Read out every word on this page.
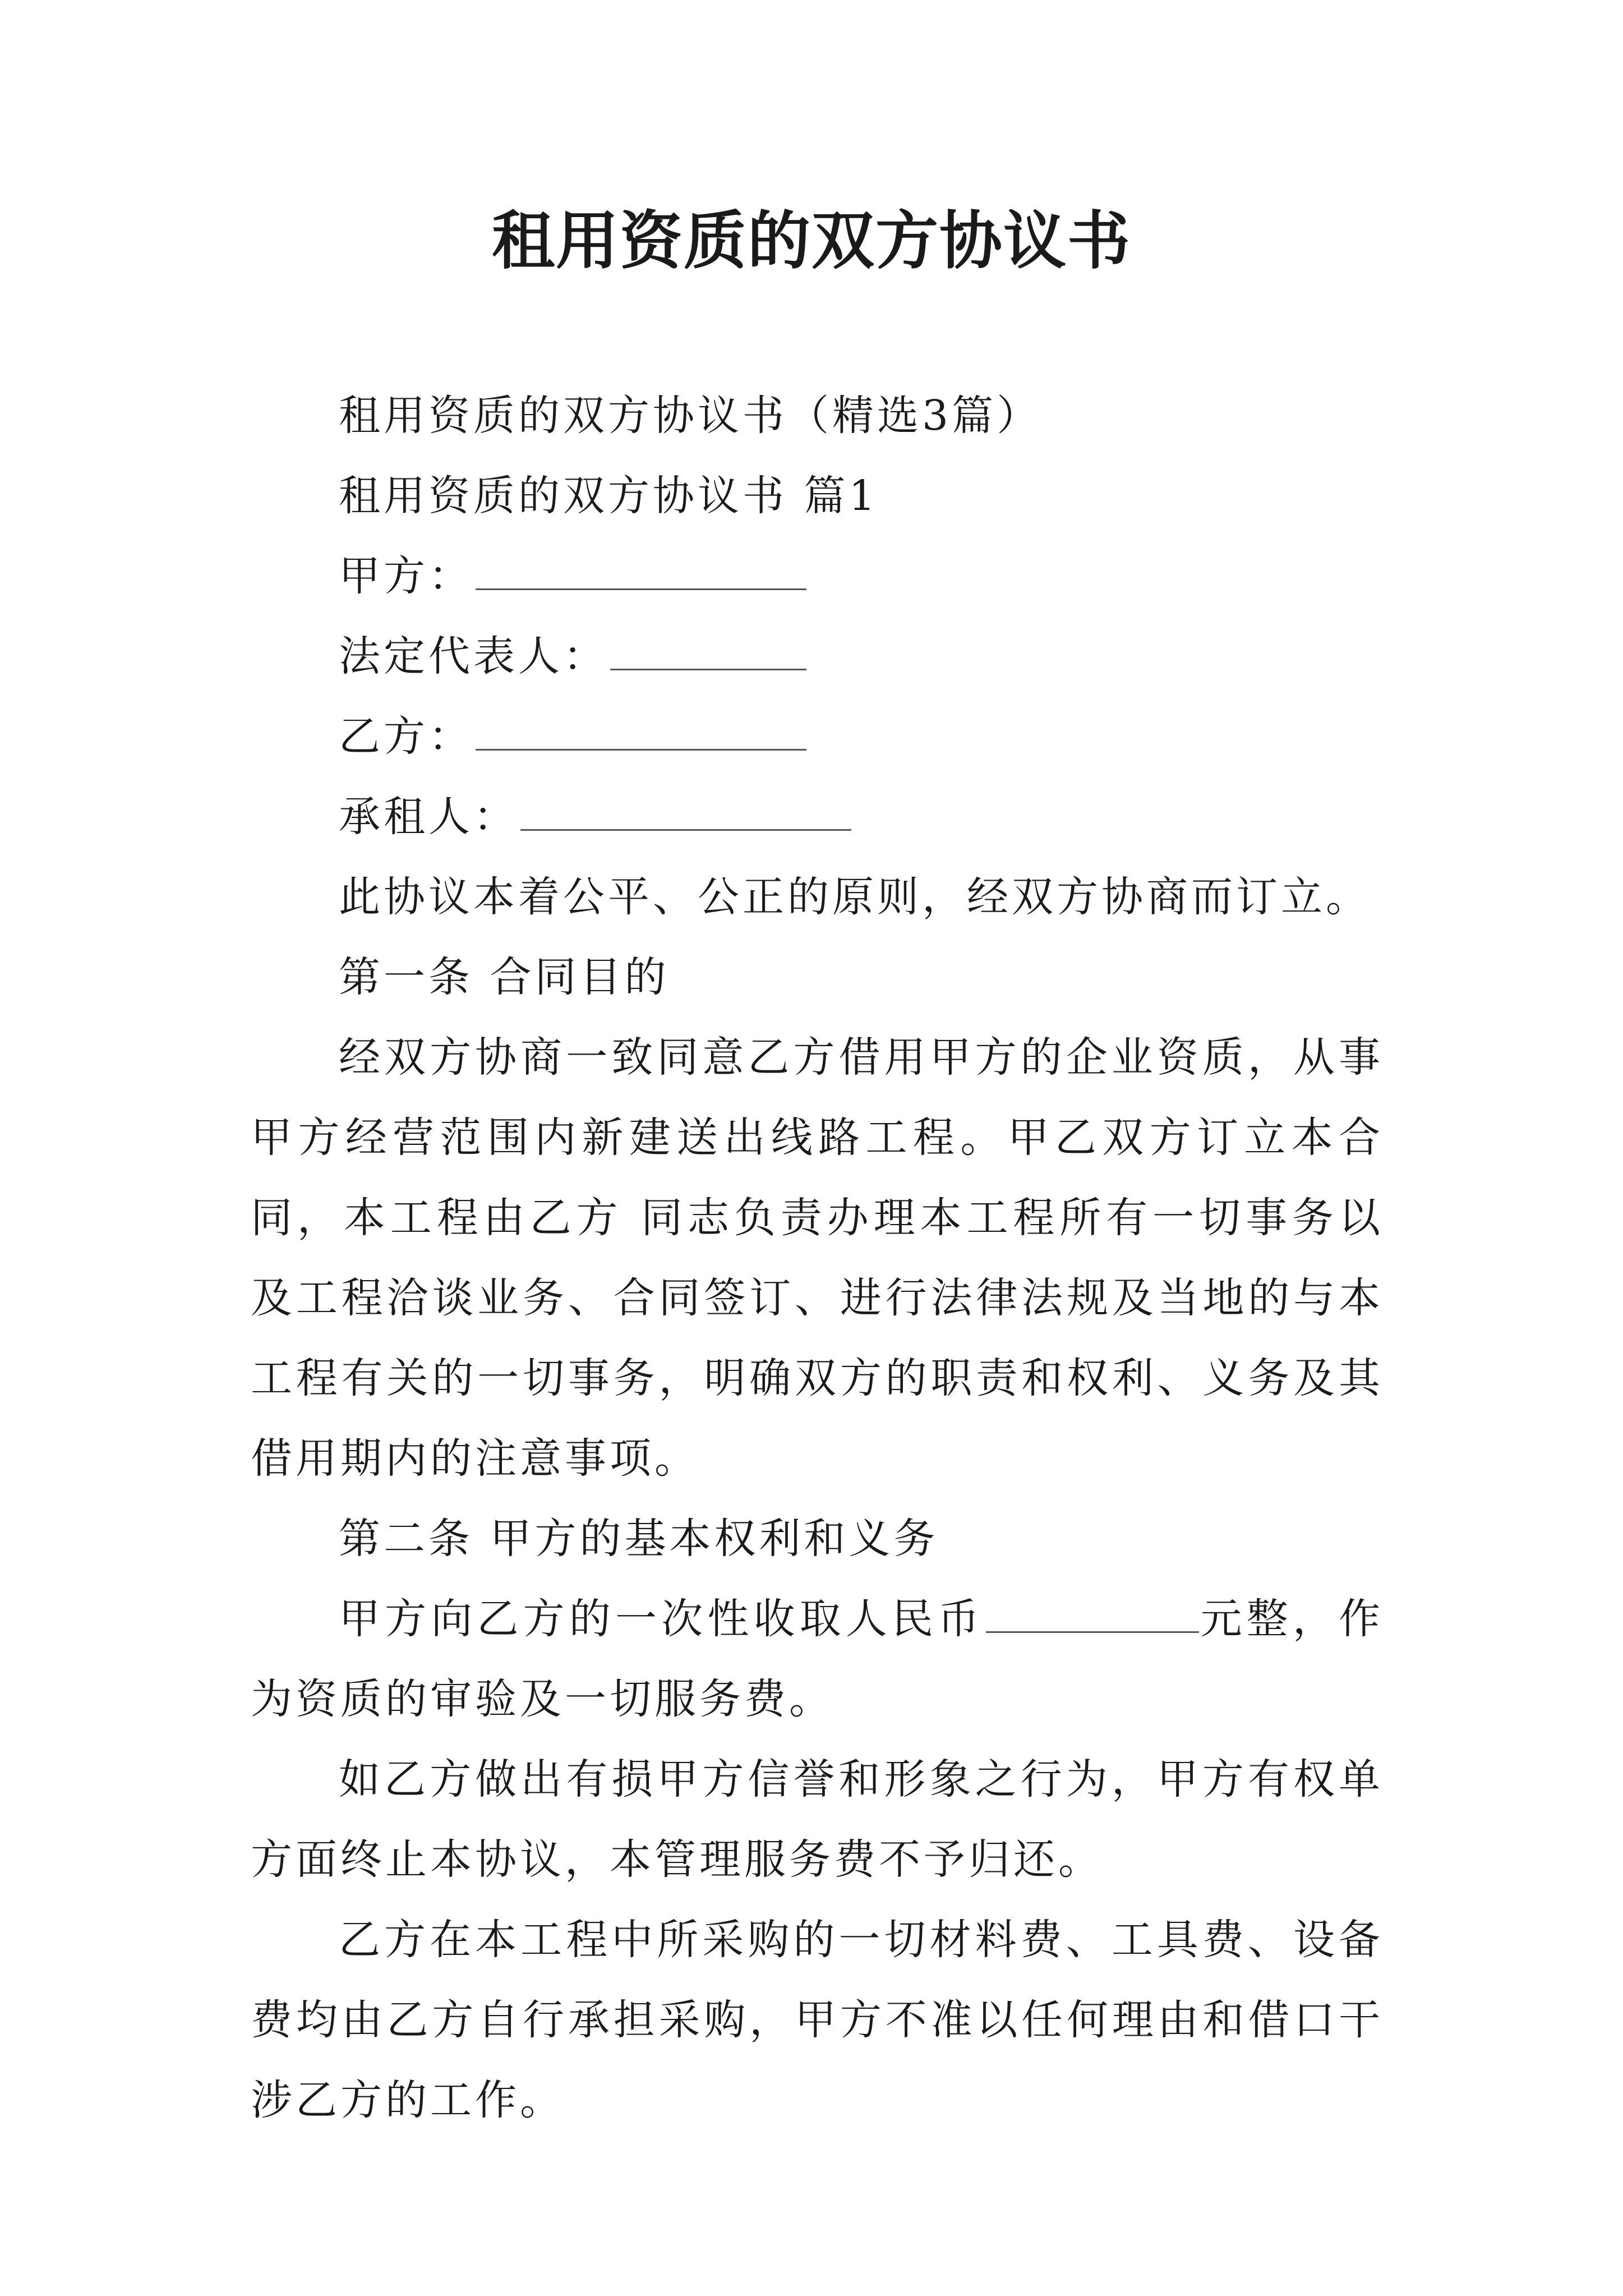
租用资质的双方协议书

租用资质的双方协议书（精选3篇）

租用资质的双方协议书 篇1

甲方：

法定代表人：

乙方：

承租人：

此协议本着公平、公正的原则，经双方协商而订立。

第一条 合同目的

经双方协商一致同意乙方借用甲方的企业资质，从事甲方经营范围内新建送出线路工程。甲乙双方订立本合同，本工程由乙方 同志负责办理本工程所有一切事务以及工程洽谈业务、合同签订、进行法律法规及当地的与本工程有关的一切事务，明确双方的职责和权利、义务及其借用期内的注意事项。

第二条 甲方的基本权利和义务

甲方向乙方的一次性收取人民币	元整，作为资质的审验及一切服务费。

如乙方做出有损甲方信誉和形象之行为，甲方有权单方面终止本协议，本管理服务费不予归还。

乙方在本工程中所采购的一切材料费、工具费、设备费均由乙方自行承担采购，甲方不准以任何理由和借口干涉乙方的工作。
